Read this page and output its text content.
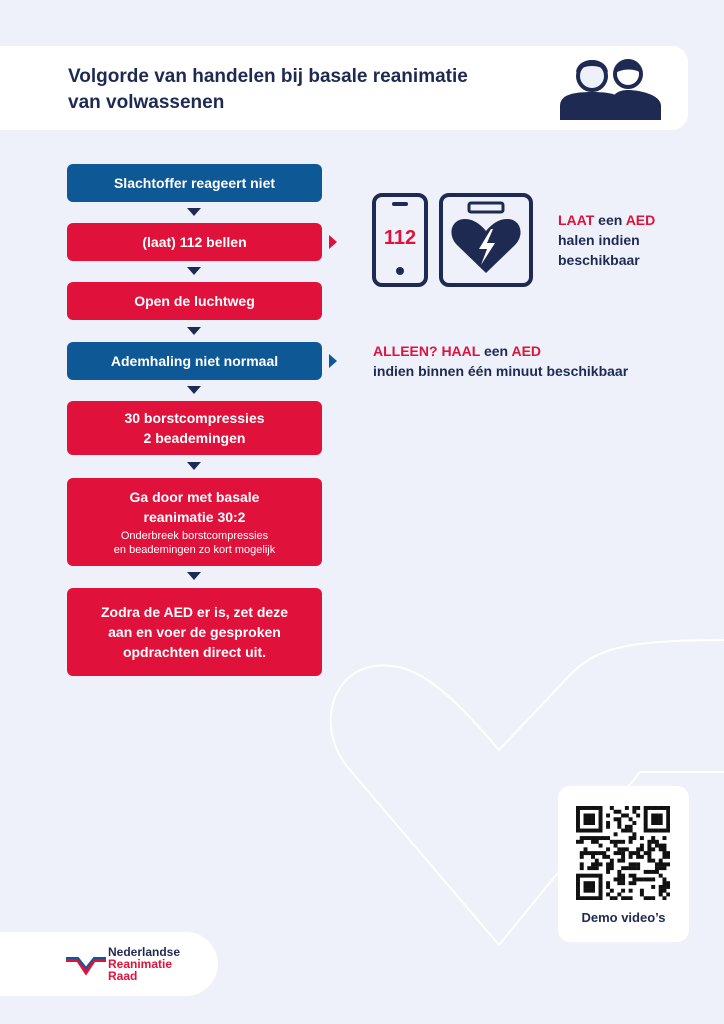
Volgorde van handelen bij basale reanimatie
van volwassenen
Slachtoffer reageert niet
(laat) 112 bellen
Open de luchtweg
Ademhaling niet normaal
30 borstcompressies
2 beademingen
Ga door met basale
reanimatie 30:2
Onderbreek borstcompressies
en beademingen zo kort mogelijk
Zodra de AED er is, zet deze
aan en voer de gesproken
opdrachten direct uit.
112
LAAT een AED
halen indien
beschikbaar
ALLEEN? HAAL een AED
indien binnen één minuut beschikbaar
Demo video’s
Nederlandse
Reanimatie
Raad
